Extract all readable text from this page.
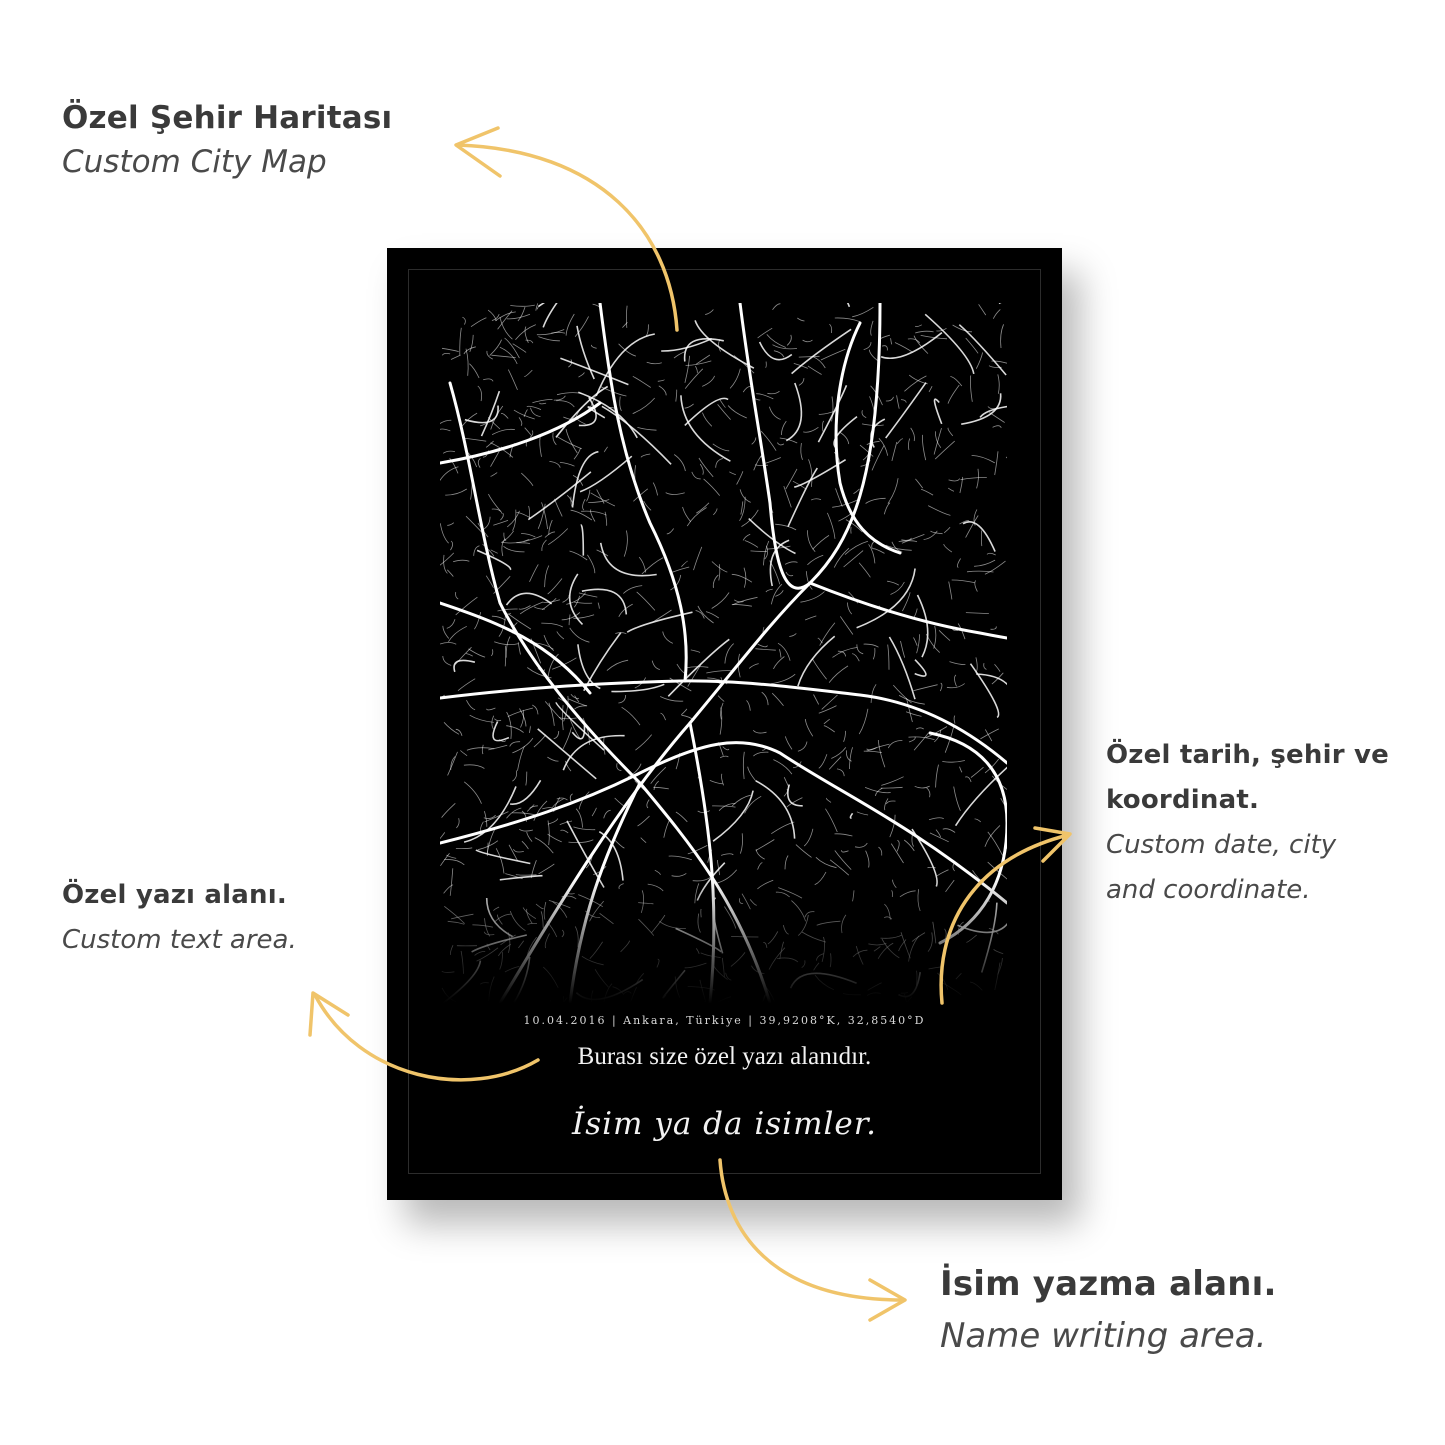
Özel Şehir Haritası
Custom City Map
Özel yazı alanı.
Custom text area.
Özel tarih, şehir ve
koordinat.
Custom date, city
and coordinate.
İsim yazma alanı.
Name writing area.
10.04.2016 | Ankara, Türkiye | 39,9208°K, 32,8540°D
Burası size özel yazı alanıdır.
İsim ya da isimler.
